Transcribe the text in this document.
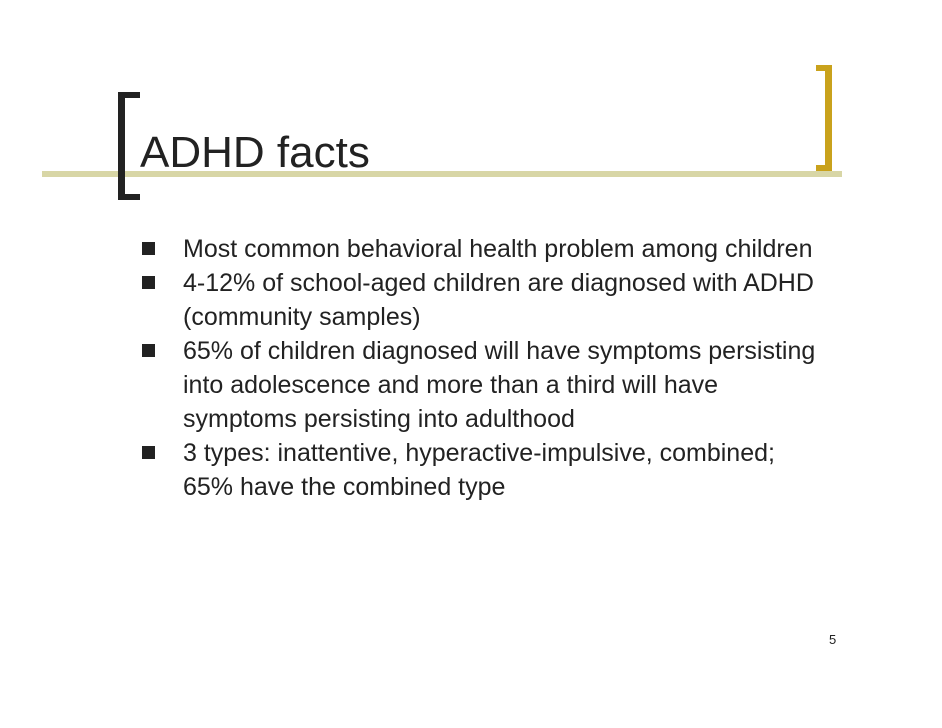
ADHD facts
Most common behavioral health problem among children
4-12% of school-aged children are diagnosed with ADHD (community samples)
65% of children diagnosed will have symptoms persisting into adolescence and more than a third will have symptoms persisting into adulthood
3 types: inattentive, hyperactive-impulsive, combined; 65% have the combined type
5
